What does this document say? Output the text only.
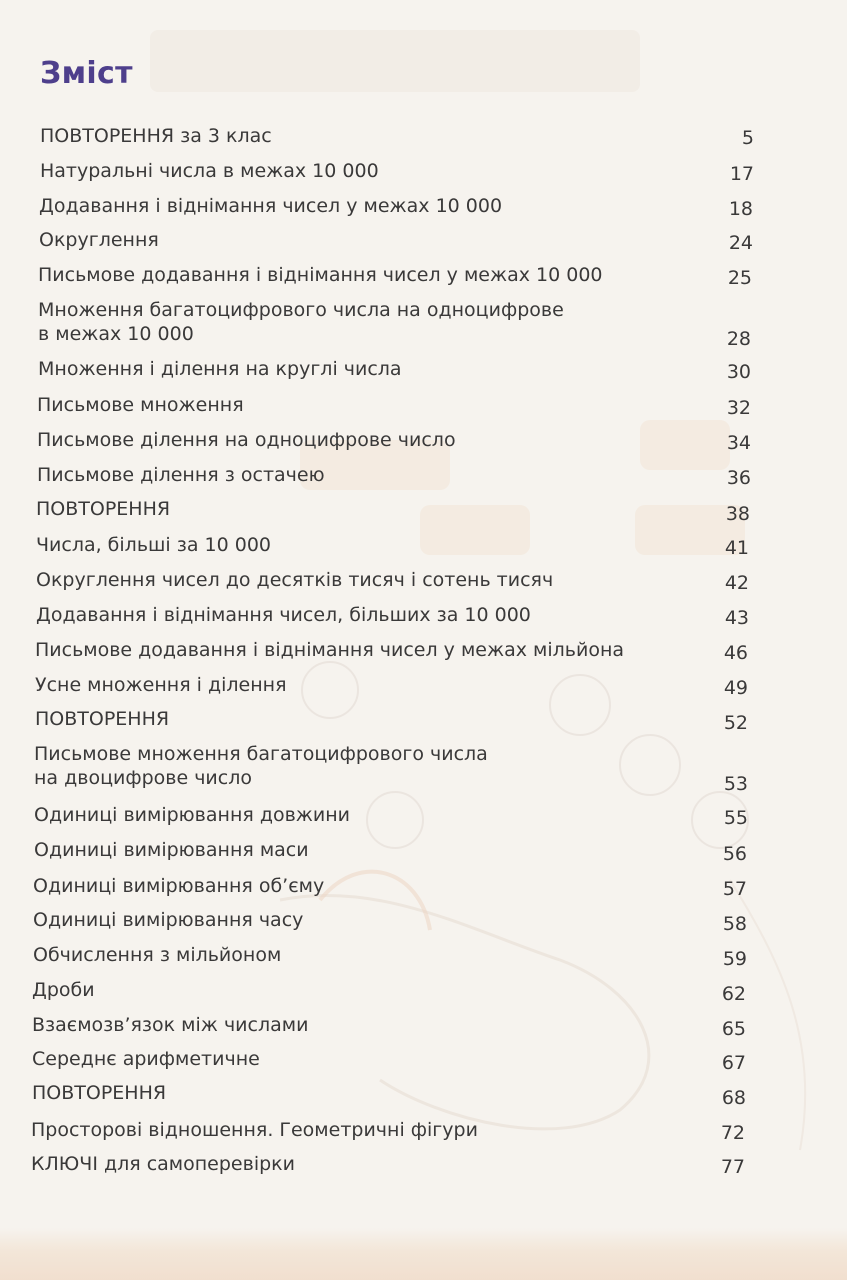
Зміст
ПОВТОРЕННЯ за 3 клас	5
Натуральні числа в межах 10 000	17
Додавання і віднімання чисел у межах 10 000	18
Округлення	24
Письмове додавання і віднімання чисел у межах 10 000	25
Множення багатоцифрового числа на одноцифрове
в межах 10 000	28
Множення і ділення на круглі числа	30
Письмове множення	32
Письмове ділення на одноцифрове число	34
Письмове ділення з остачею	36
ПОВТОРЕННЯ	38
Числа, більші за 10 000	41
Округлення чисел до десятків тисяч і сотень тисяч	42
Додавання і віднімання чисел, більших за 10 000	43
Письмове додавання і віднімання чисел у межах мільйона	46
Усне множення і ділення	49
ПОВТОРЕННЯ	52
Письмове множення багатоцифрового числа
на двоцифрове число	53
Одиниці вимірювання довжини	55
Одиниці вимірювання маси	56
Одиниці вимірювання об’єму	57
Одиниці вимірювання часу	58
Обчислення з мільйоном	59
Дроби	62
Взаємозв’язок між числами	65
Середнє арифметичне	67
ПОВТОРЕННЯ	68
Просторові відношення. Геометричні фігури	72
КЛЮЧІ для самоперевірки	77
